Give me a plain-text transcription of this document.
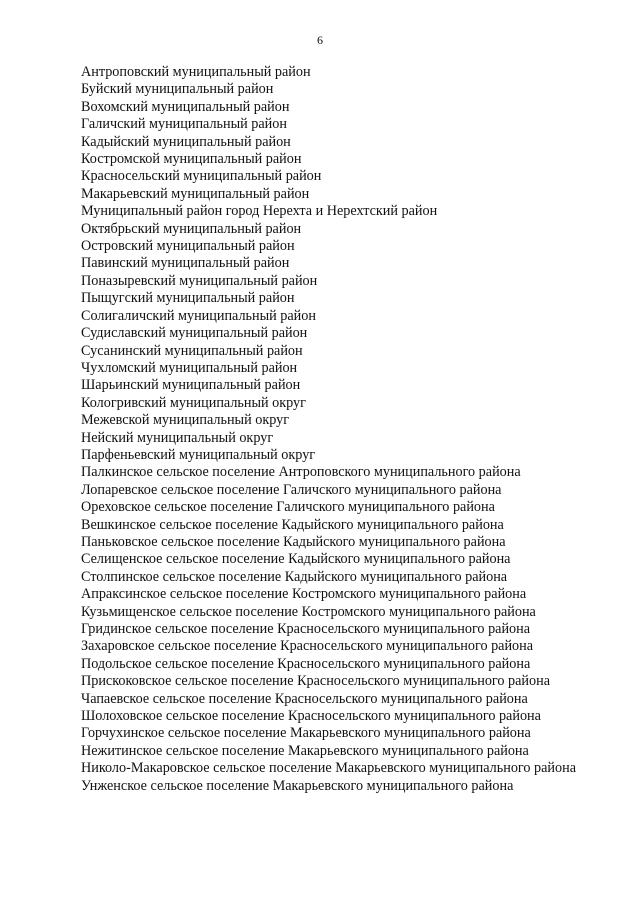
6
Антроповский муниципальный район
Буйский муниципальный район
Вохомский муниципальный район
Галичский муниципальный район
Кадыйский муниципальный район
Костромской муниципальный район
Красносельский муниципальный район
Макарьевский муниципальный район
Муниципальный район город Нерехта и Нерехтский район
Октябрьский муниципальный район
Островский муниципальный район
Павинский муниципальный район
Поназыревский муниципальный район
Пыщугский муниципальный район
Солигаличский муниципальный район
Судиславский муниципальный район
Сусанинский муниципальный район
Чухломский муниципальный район
Шарьинский муниципальный район
Кологривский муниципальный округ
Межевской муниципальный округ
Нейский муниципальный округ
Парфеньевский муниципальный округ
Палкинское сельское поселение Антроповского муниципального района
Лопаревское сельское поселение Галичского муниципального района
Ореховское сельское поселение Галичского муниципального района
Вешкинское сельское поселение Кадыйского муниципального района
Паньковское сельское поселение Кадыйского муниципального района
Селищенское сельское поселение Кадыйского муниципального района
Столпинское сельское поселение Кадыйского муниципального района
Апраксинское сельское поселение Костромского муниципального района
Кузьмищенское сельское поселение Костромского муниципального района
Гридинское сельское поселение Красносельского муниципального района
Захаровское сельское поселение Красносельского муниципального района
Подольское сельское поселение Красносельского муниципального района
Прискоковское сельское поселение Красносельского муниципального района
Чапаевское сельское поселение Красносельского муниципального района
Шолоховское сельское поселение Красносельского муниципального района
Горчухинское сельское поселение Макарьевского муниципального района
Нежитинское сельское поселение Макарьевского муниципального района
Николо-Макаровское сельское поселение Макарьевского муниципального района
Унженское сельское поселение Макарьевского муниципального района
